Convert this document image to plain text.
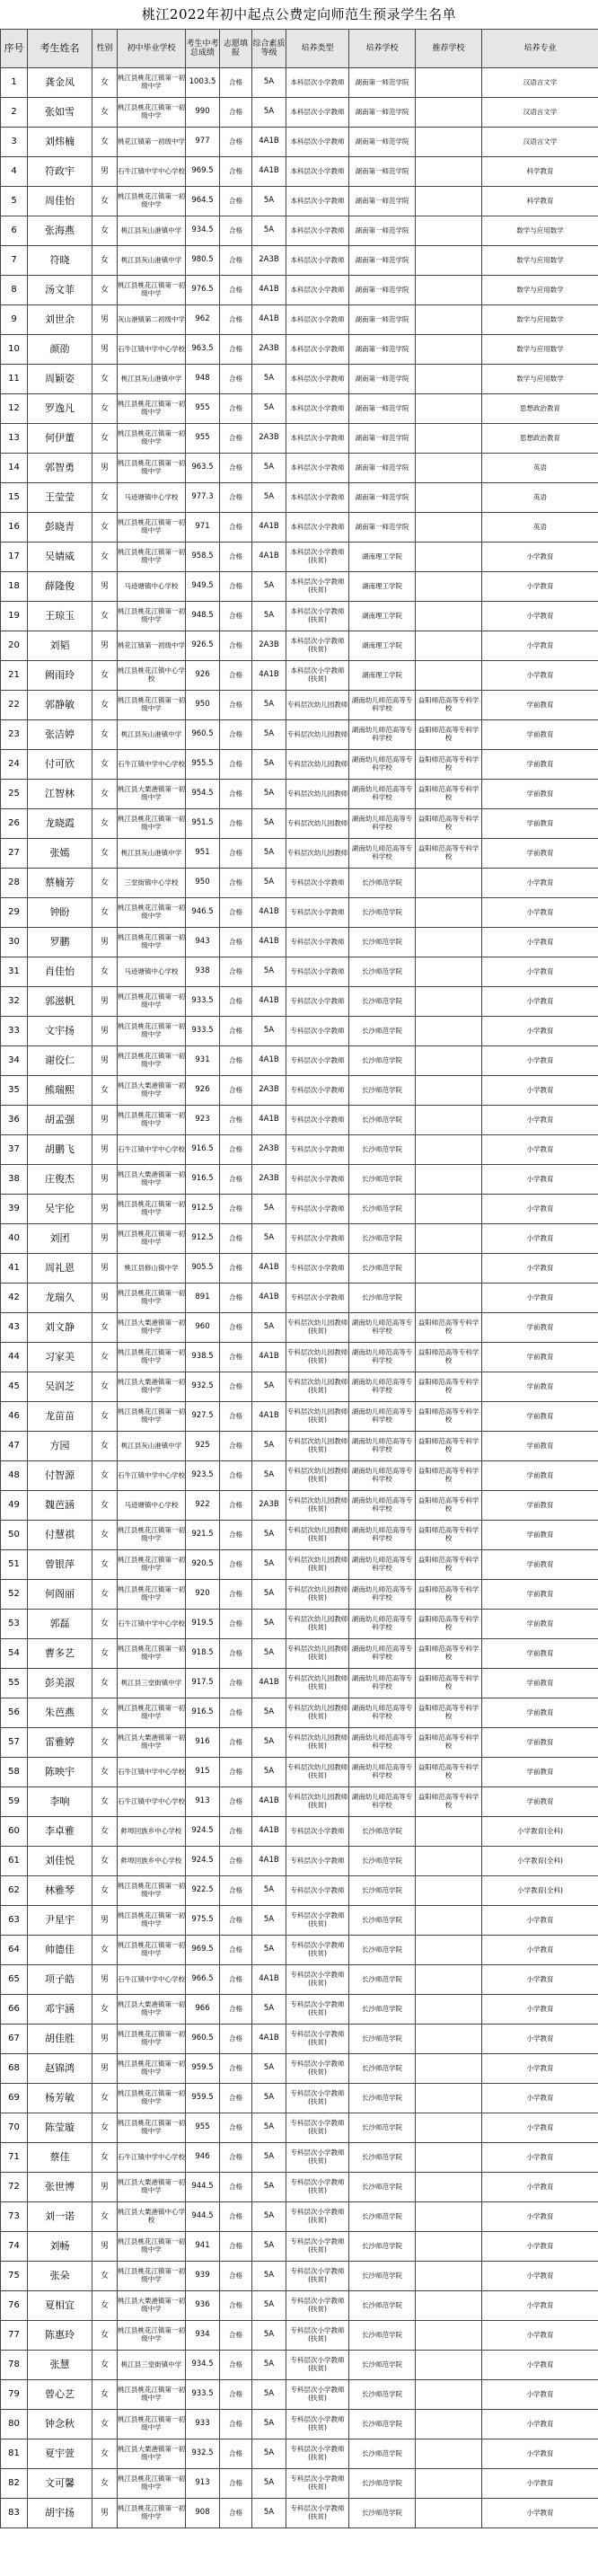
桃江2022年初中起点公费定向师范生预录学生名单
序号	考生姓名	性别	初中毕业学校	考生中考总成绩	志愿填报	综合素质等级	培养类型	培养学校	推荐学校	培养专业
1	龚金凤	女	桃江县桃花江镇第一初级中学	1003.5	合格	5A	本科层次小学教师	湖南第一师范学院		汉语言文学
2	张如雪	女	桃江县桃花江镇第一初级中学	990	合格	5A	本科层次小学教师	湖南第一师范学院		汉语言文学
3	刘炜楠	女	桃花江镇第一初级中学	977	合格	4A1B	本科层次小学教师	湖南第一师范学院		汉语言文学
4	符政宇	男	石牛江镇中学中心学校	969.5	合格	4A1B	本科层次小学教师	湖南第一师范学院		科学教育
5	周佳怡	女	桃江县桃花江镇第一初级中学	964.5	合格	5A	本科层次小学教师	湖南第一师范学院		科学教育
6	张海燕	女	桃江县灰山港镇中学	934.5	合格	5A	本科层次小学教师	湖南第一师范学院		数学与应用数学
7	符晓	女	桃江县灰山港镇中学	980.5	合格	2A3B	本科层次小学教师	湖南第一师范学院		数学与应用数学
8	汤文菲	女	桃江县桃花江镇第一初级中学	976.5	合格	4A1B	本科层次小学教师	湖南第一师范学院		数学与应用数学
9	刘世余	男	灰山港镇第二初级中学	962	合格	4A1B	本科层次小学教师	湖南第一师范学院		数学与应用数学
10	颜劭	男	石牛江镇中学中心学校	963.5	合格	2A3B	本科层次小学教师	湖南第一师范学院		数学与应用数学
11	周颖姿	女	桃江县灰山港镇中学	948	合格	5A	本科层次小学教师	湖南第一师范学院		数学与应用数学
12	罗逸凡	女	桃江县桃花江镇第一初级中学	955	合格	5A	本科层次小学教师	湖南第一师范学院		思想政治教育
13	何伊董	女	桃江县桃花江镇第一初级中学	955	合格	2A3B	本科层次小学教师	湖南第一师范学院		思想政治教育
14	郭智勇	男	桃江县桃花江镇第一初级中学	963.5	合格	5A	本科层次小学教师	湖南第一师范学院		英语
15	王莹莹	女	马迹塘镇中心学校	977.3	合格	5A	本科层次小学教师	湖南第一师范学院		英语
16	彭晓青	女	桃江县桃花江镇第一初级中学	971	合格	4A1B	本科层次小学教师	湖南第一师范学院		英语
17	吴婧威	女	桃江县桃花江镇第一初级中学	958.5	合格	4A1B	本科层次小学教师(扶贫)	湖南理工学院		小学教育
18	薛隆俊	男	马迹塘镇中心学校	949.5	合格	5A	本科层次小学教师(扶贫)	湖南理工学院		小学教育
19	王琼玉	女	桃江县桃花江镇第一初级中学	948.5	合格	5A	本科层次小学教师(扶贫)	湖南理工学院		小学教育
20	刘韬	男	桃花江镇第一初级中学	926.5	合格	2A3B	本科层次小学教师(扶贫)	湖南理工学院		小学教育
21	阙雨玲	女	桃江县桃花江镇中心学校	926	合格	4A1B	本科层次小学教师(扶贫)	湖南理工学院		小学教育
22	郭静敏	女	桃江县桃花江镇第一初级中学	950	合格	5A	专科层次幼儿园教师	湖南幼儿师范高等专科学校	益阳师范高等专科学校	学前教育
23	张洁婷	女	桃江县灰山港镇中学	960.5	合格	5A	专科层次幼儿园教师	湖南幼儿师范高等专科学校	益阳师范高等专科学校	学前教育
24	付可欣	女	石牛江镇中学中心学校	955.5	合格	5A	专科层次幼儿园教师	湖南幼儿师范高等专科学校	益阳师范高等专科学校	学前教育
25	江智林	女	桃江县大栗港镇第一初级中学	954.5	合格	5A	专科层次幼儿园教师	湖南幼儿师范高等专科学校	益阳师范高等专科学校	学前教育
26	龙晓霞	女	桃江县桃花江镇第一初级中学	951.5	合格	5A	专科层次幼儿园教师	湖南幼儿师范高等专科学校	益阳师范高等专科学校	学前教育
27	张嫣	女	桃江县灰山港镇中学	951	合格	5A	专科层次幼儿园教师	湖南幼儿师范高等专科学校	益阳师范高等专科学校	学前教育
28	蔡楠芳	女	三堂街镇中心学校	950	合格	5A	专科层次小学教师	长沙师范学院		小学教育
29	钟盼	女	桃江县桃花江镇第一初级中学	946.5	合格	4A1B	专科层次小学教师	长沙师范学院		小学教育
30	罗鹏	男	桃江县桃花江镇第一初级中学	943	合格	4A1B	专科层次小学教师	长沙师范学院		小学教育
31	肖佳怡	女	马迹塘镇中心学校	938	合格	5A	专科层次小学教师	长沙师范学院		小学教育
32	郭滋帆	男	桃江县桃花江镇第一初级中学	933.5	合格	4A1B	专科层次小学教师	长沙师范学院		小学教育
33	文宇扬	男	桃江县桃花江镇第一初级中学	933.5	合格	5A	专科层次小学教师	长沙师范学院		小学教育
34	谢佼仁	男	桃江县桃花江镇第一初级中学	931	合格	4A1B	专科层次小学教师	长沙师范学院		小学教育
35	熊瑞熙	女	桃江县大栗港镇第一初级中学	926	合格	2A3B	专科层次小学教师	长沙师范学院		小学教育
36	胡孟强	男	桃江县桃花江镇第一初级中学	923	合格	4A1B	专科层次小学教师	长沙师范学院		小学教育
37	胡鹏飞	男	石牛江镇中学中心学校	916.5	合格	2A3B	专科层次小学教师	长沙师范学院		小学教育
38	庄俊杰	男	桃江县大栗港镇第一初级中学	916.5	合格	2A3B	专科层次小学教师	长沙师范学院		小学教育
39	吴宇伦	男	桃江县桃花江镇第一初级中学	912.5	合格	5A	专科层次小学教师	长沙师范学院		小学教育
40	刘团	男	桃江县桃花江镇第一初级中学	912.5	合格	5A	专科层次小学教师	长沙师范学院		小学教育
41	周礼恩	男	桃江县修山镇中学	905.5	合格	4A1B	专科层次小学教师	长沙师范学院		小学教育
42	龙瑞久	男	桃江县桃花江镇第一初级中学	891	合格	4A1B	专科层次小学教师	长沙师范学院		小学教育
43	刘文静	女	桃江县大栗港镇第一初级中学	960	合格	5A	专科层次幼儿园教师(扶贫)	湖南幼儿师范高等专科学校	益阳师范高等专科学校	学前教育
44	习家美	女	桃江县桃花江镇第一初级中学	938.5	合格	4A1B	专科层次幼儿园教师(扶贫)	湖南幼儿师范高等专科学校	益阳师范高等专科学校	学前教育
45	吴润芝	女	桃江县大栗港镇第一初级中学	932.5	合格	5A	专科层次幼儿园教师(扶贫)	湖南幼儿师范高等专科学校	益阳师范高等专科学校	学前教育
46	龙苗苗	女	桃江县桃花江镇第一初级中学	927.5	合格	4A1B	专科层次幼儿园教师(扶贫)	湖南幼儿师范高等专科学校	益阳师范高等专科学校	学前教育
47	方园	女	桃江县灰山港镇中学	925	合格	5A	专科层次幼儿园教师(扶贫)	湖南幼儿师范高等专科学校	益阳师范高等专科学校	学前教育
48	付智源	女	石牛江镇中学中心学校	923.5	合格	5A	专科层次幼儿园教师(扶贫)	湖南幼儿师范高等专科学校	益阳师范高等专科学校	学前教育
49	魏芭涵	女	马迹塘镇中心学校	922	合格	2A3B	专科层次幼儿园教师(扶贫)	湖南幼儿师范高等专科学校	益阳师范高等专科学校	学前教育
50	付慧祺	女	桃江县桃花江镇第一初级中学	921.5	合格	5A	专科层次幼儿园教师(扶贫)	湖南幼儿师范高等专科学校	益阳师范高等专科学校	学前教育
51	曾银萍	女	桃江县桃花江镇第一初级中学	920.5	合格	5A	专科层次幼儿园教师(扶贫)	湖南幼儿师范高等专科学校	益阳师范高等专科学校	学前教育
52	何阁丽	女	桃江县桃花江镇第一初级中学	920	合格	5A	专科层次幼儿园教师(扶贫)	湖南幼儿师范高等专科学校	益阳师范高等专科学校	学前教育
53	郭磊	女	石牛江镇中学中心学校	919.5	合格	5A	专科层次幼儿园教师(扶贫)	湖南幼儿师范高等专科学校	益阳师范高等专科学校	学前教育
54	曹多艺	女	桃江县桃花江镇第一初级中学	918.5	合格	5A	专科层次幼儿园教师(扶贫)	湖南幼儿师范高等专科学校	益阳师范高等专科学校	学前教育
55	彭美淑	女	桃江县三堂街镇中学	917.5	合格	4A1B	专科层次幼儿园教师(扶贫)	湖南幼儿师范高等专科学校	益阳师范高等专科学校	学前教育
56	朱芭燕	女	桃江县桃花江镇第一初级中学	916.5	合格	5A	专科层次幼儿园教师(扶贫)	湖南幼儿师范高等专科学校	益阳师范高等专科学校	学前教育
57	雷雅婷	女	桃江县大栗港镇第一初级中学	916	合格	5A	专科层次幼儿园教师(扶贫)	湖南幼儿师范高等专科学校	益阳师范高等专科学校	学前教育
58	陈映宇	女	石牛江镇中学中心学校	915	合格	5A	专科层次幼儿园教师(扶贫)	湖南幼儿师范高等专科学校	益阳师范高等专科学校	学前教育
59	李响	女	石牛江镇中学中心学校	913	合格	4A1B	专科层次幼儿园教师(扶贫)	湖南幼儿师范高等专科学校	益阳师范高等专科学校	学前教育
60	李卓雅	女	鲊埠回族乡中心学校	924.5	合格	4A1B	专科层次小学教师	长沙师范学院		小学教育(全科)
61	刘佳悦	女	鲊埠回族乡中心学校	924.5	合格	4A1B	专科层次小学教师	长沙师范学院		小学教育(全科)
62	林雅琴	女	桃江县桃花江镇第一初级中学	922.5	合格	5A	专科层次小学教师	长沙师范学院		小学教育(全科)
63	尹星宇	男	桃江县桃花江镇第一初级中学	975.5	合格	5A	专科层次小学教师(扶贫)	长沙师范学院		小学教育
64	帅德佳	女	桃江县桃花江镇第一初级中学	969.5	合格	5A	专科层次小学教师(扶贫)	长沙师范学院		小学教育
65	项子皓	男	石牛江镇中学中心学校	966.5	合格	4A1B	专科层次小学教师(扶贫)	长沙师范学院		小学教育
66	邓宇涵	女	桃江县大栗港镇第一初级中学	966	合格	5A	专科层次小学教师(扶贫)	长沙师范学院		小学教育
67	胡佳胜	男	桃江县桃花江镇第一初级中学	960.5	合格	4A1B	专科层次小学教师(扶贫)	长沙师范学院		小学教育
68	赵锦鸿	男	桃江县桃花江镇第一初级中学	959.5	合格	5A	专科层次小学教师(扶贫)	长沙师范学院		小学教育
69	杨芳敏	女	桃江县桃花江镇第一初级中学	959.5	合格	5A	专科层次小学教师(扶贫)	长沙师范学院		小学教育
70	陈莹璇	女	桃江县桃花江镇第一初级中学	955	合格	5A	专科层次小学教师(扶贫)	长沙师范学院		小学教育
71	蔡佳	女	石牛江镇中学中心学校	946	合格	5A	专科层次小学教师(扶贫)	长沙师范学院		小学教育
72	张世博	男	桃江县大栗港镇第一初级中学	944.5	合格	5A	专科层次小学教师(扶贫)	长沙师范学院		小学教育
73	刘一诺	女	桃江县大栗港镇中心学校	944.5	合格	5A	专科层次小学教师(扶贫)	长沙师范学院		小学教育
74	刘畅	男	桃江县桃花江镇第一初级中学	941	合格	5A	专科层次小学教师(扶贫)	长沙师范学院		小学教育
75	张朵	女	桃江县桃花江镇第一初级中学	939	合格	5A	专科层次小学教师(扶贫)	长沙师范学院		小学教育
76	夏相宜	女	桃江县大栗港镇第一初级中学	936	合格	5A	专科层次小学教师(扶贫)	长沙师范学院		小学教育
77	陈惠玲	女	桃江县桃花江镇第一初级中学	934	合格	5A	专科层次小学教师(扶贫)	长沙师范学院		小学教育
78	张慧	女	桃江县三堂街镇中学	934.5	合格	5A	专科层次小学教师(扶贫)	长沙师范学院		小学教育
79	曾心艺	女	桃江县桃花江镇第一初级中学	933.5	合格	5A	专科层次小学教师(扶贫)	长沙师范学院		小学教育
80	钟念秋	女	桃江县桃花江镇第一初级中学	933	合格	5A	专科层次小学教师(扶贫)	长沙师范学院		小学教育
81	夏宇萱	女	桃江县大栗港镇第一初级中学	932.5	合格	5A	专科层次小学教师(扶贫)	长沙师范学院		小学教育
82	文可馨	女	桃江县桃花江镇第一初级中学	913	合格	5A	专科层次小学教师(扶贫)	长沙师范学院		小学教育
83	胡宇扬	男	桃江县桃花江镇第一初级中学	908	合格	5A	专科层次小学教师(扶贫)	长沙师范学院		小学教育
